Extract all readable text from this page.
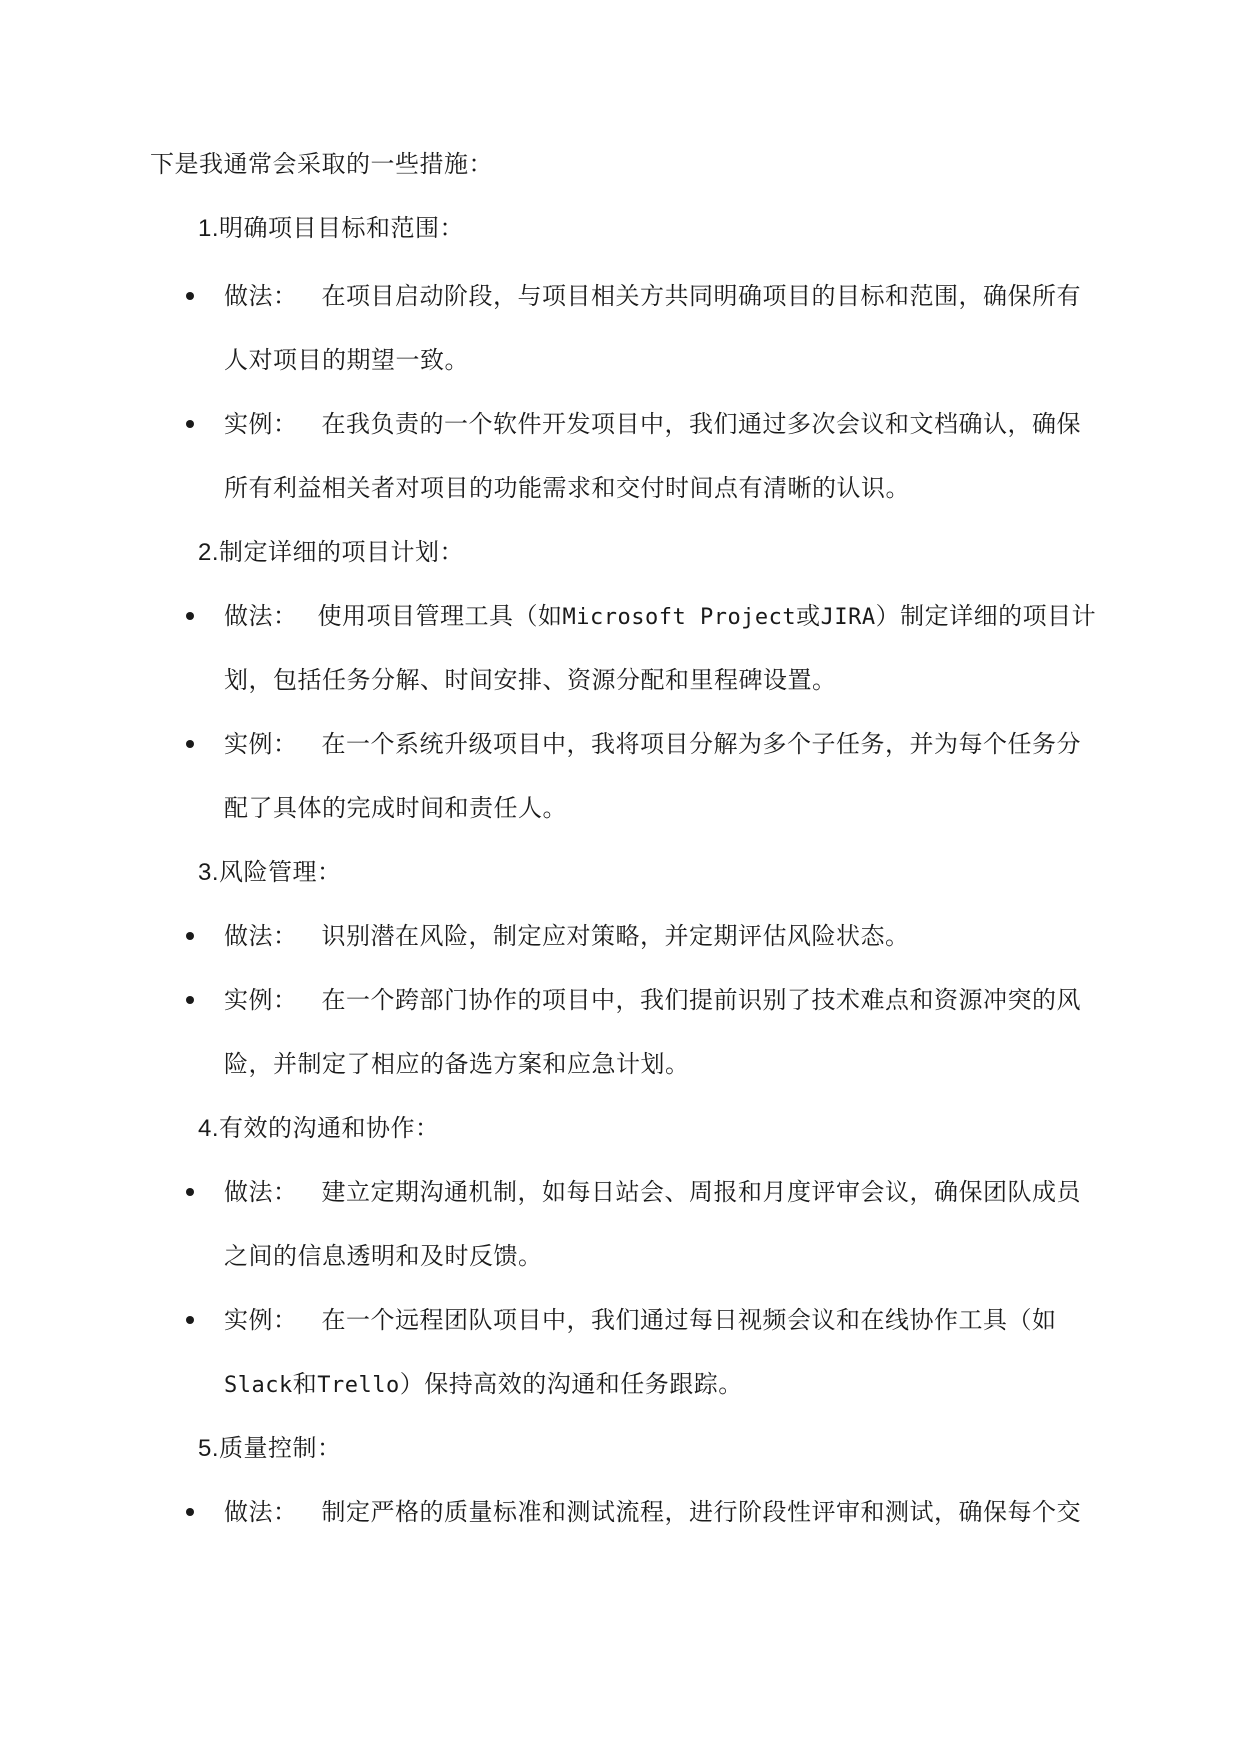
下是我通常会采取的一些措施：
1.明确项目目标和范围：
做法： 在项目启动阶段，与项目相关方共同明确项目的目标和范围，确保所有
人对项目的期望一致。
实例： 在我负责的一个软件开发项目中，我们通过多次会议和文档确认，确保
所有利益相关者对项目的功能需求和交付时间点有清晰的认识。
2.制定详细的项目计划：
做法： 使用项目管理工具（如Microsoft Project或JIRA）制定详细的项目计
划，包括任务分解、时间安排、资源分配和里程碑设置。
实例： 在一个系统升级项目中，我将项目分解为多个子任务，并为每个任务分
配了具体的完成时间和责任人。
3.风险管理：
做法： 识别潜在风险，制定应对策略，并定期评估风险状态。
实例： 在一个跨部门协作的项目中，我们提前识别了技术难点和资源冲突的风
险，并制定了相应的备选方案和应急计划。
4.有效的沟通和协作：
做法： 建立定期沟通机制，如每日站会、周报和月度评审会议，确保团队成员
之间的信息透明和及时反馈。
实例： 在一个远程团队项目中，我们通过每日视频会议和在线协作工具（如
Slack和Trello）保持高效的沟通和任务跟踪。
5.质量控制：
做法： 制定严格的质量标准和测试流程，进行阶段性评审和测试，确保每个交
